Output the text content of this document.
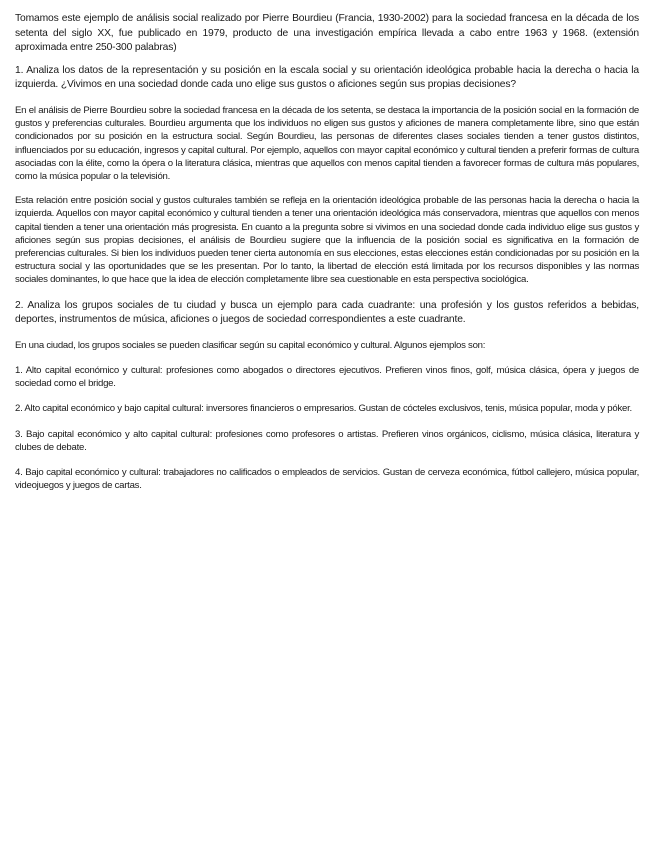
Tomamos este ejemplo de análisis social realizado por Pierre Bourdieu (Francia, 1930-2002) para la sociedad francesa en la década de los setenta del siglo XX, fue publicado en 1979, producto de una investigación empírica llevada a cabo entre 1963 y 1968. (extensión aproximada entre 250-300 palabras)

1. Analiza los datos de la representación y su posición en la escala social y su orientación ideológica probable hacia la derecha o hacia la izquierda. ¿Vivimos en una sociedad donde cada uno elige sus gustos o aficiones según sus propias decisiones?

En el análisis de Pierre Bourdieu sobre la sociedad francesa en la década de los setenta, se destaca la importancia de la posición social en la formación de gustos y preferencias culturales. Bourdieu argumenta que los individuos no eligen sus gustos y aficiones de manera completamente libre, sino que están condicionados por su posición en la estructura social. Según Bourdieu, las personas de diferentes clases sociales tienden a tener gustos distintos, influenciados por su educación, ingresos y capital cultural. Por ejemplo, aquellos con mayor capital económico y cultural tienden a preferir formas de cultura asociadas con la élite, como la ópera o la literatura clásica, mientras que aquellos con menos capital tienden a favorecer formas de cultura más populares, como la música popular o la televisión.

Esta relación entre posición social y gustos culturales también se refleja en la orientación ideológica probable de las personas hacia la derecha o hacia la izquierda. Aquellos con mayor capital económico y cultural tienden a tener una orientación ideológica más conservadora, mientras que aquellos con menos capital tienden a tener una orientación más progresista. En cuanto a la pregunta sobre si vivimos en una sociedad donde cada individuo elige sus gustos y aficiones según sus propias decisiones, el análisis de Bourdieu sugiere que la influencia de la posición social es significativa en la formación de preferencias culturales. Si bien los individuos pueden tener cierta autonomía en sus elecciones, estas elecciones están condicionadas por su posición en la estructura social y las oportunidades que se les presentan. Por lo tanto, la libertad de elección está limitada por los recursos disponibles y las normas sociales dominantes, lo que hace que la idea de elección completamente libre sea cuestionable en esta perspectiva sociológica.

2. Analiza los grupos sociales de tu ciudad y busca un ejemplo para cada cuadrante: una profesión y los gustos referidos a bebidas, deportes, instrumentos de música, aficiones o juegos de sociedad correspondientes a este cuadrante.

En una ciudad, los grupos sociales se pueden clasificar según su capital económico y cultural. Algunos ejemplos son:

1. Alto capital económico y cultural: profesiones como abogados o directores ejecutivos. Prefieren vinos finos, golf, música clásica, ópera y juegos de sociedad como el bridge.

2. Alto capital económico y bajo capital cultural: inversores financieros o empresarios. Gustan de cócteles exclusivos, tenis, música popular, moda y póker.

3. Bajo capital económico y alto capital cultural: profesiones como profesores o artistas. Prefieren vinos orgánicos, ciclismo, música clásica, literatura y clubes de debate.

4. Bajo capital económico y cultural: trabajadores no calificados o empleados de servicios. Gustan de cerveza económica, fútbol callejero, música popular, videojuegos y juegos de cartas.
